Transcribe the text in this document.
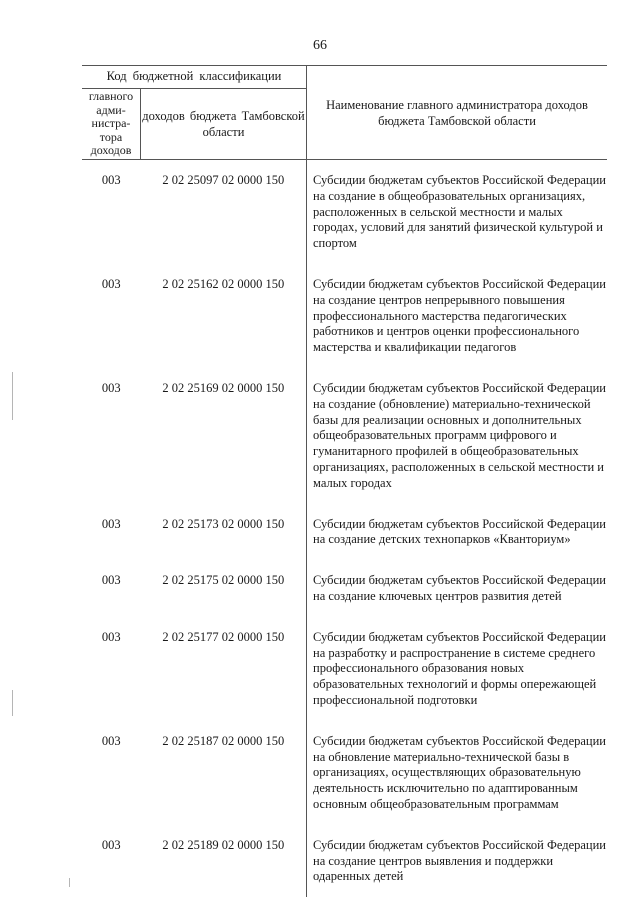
66
Код бюджетной классификации		Наименование главного администратора доходов бюджета Тамбовской области
главного адми-нистра-тора доходов	доходов бюджета Тамбовской области	
003	2 02 25097 02 0000 150	Субсидии бюджетам субъектов Российской Федерации на создание в общеобразовательных организациях, расположенных в сельской местности и малых городах, условий для занятий физической культурой и спортом
003	2 02 25162 02 0000 150	Субсидии бюджетам субъектов Российской Федерации на создание центров непрерывного повышения профессионального мастерства педагогических работников и центров оценки профессионального мастерства и квалификации педагогов
003	2 02 25169 02 0000 150	Субсидии бюджетам субъектов Российской Федерации на создание (обновление) материально-технической базы для реализации основных и дополнительных общеобразовательных программ цифрового и гуманитарного профилей в общеобразовательных организациях, расположенных в сельской местности и малых городах
003	2 02 25173 02 0000 150	Субсидии бюджетам субъектов Российской Федерации на создание детских технопарков «Кванториум»
003	2 02 25175 02 0000 150	Субсидии бюджетам субъектов Российской Федерации на создание ключевых центров развития детей
003	2 02 25177 02 0000 150	Субсидии бюджетам субъектов Российской Федерации на разработку и распространение в системе среднего профессионального образования новых образовательных технологий и формы опережающей профессиональной подготовки
003	2 02 25187 02 0000 150	Субсидии бюджетам субъектов Российской Федерации на обновление материально-технической базы в организациях, осуществляющих образовательную деятельность исключительно по адаптированным основным общеобразовательным программам
003	2 02 25189 02 0000 150	Субсидии бюджетам субъектов Российской Федерации на создание центров выявления и поддержки одаренных детей
